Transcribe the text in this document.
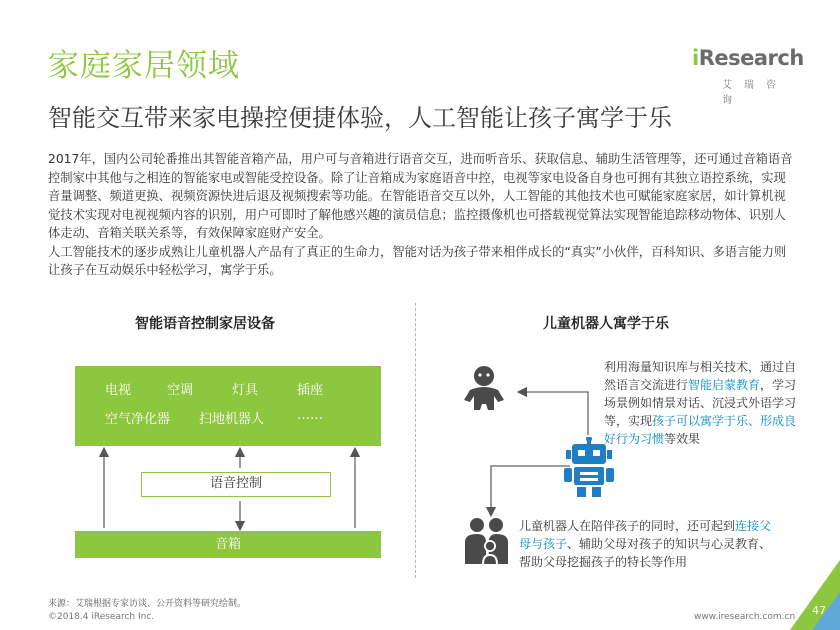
家庭家居领域	iResearch
艾瑞咨询
智能交互带来家电操控便捷体验，人工智能让孩子寓学于乐

2017年，国内公司轮番推出其智能音箱产品，用户可与音箱进行语音交互，进而听音乐、获取信息、辅助生活管理等，还可通过音箱语音控制家中其他与之相连的智能家电或智能受控设备。除了让音箱成为家庭语音中控，电视等家电设备自身也可拥有其独立语控系统，实现音量调整、频道更换、视频资源快进后退及视频搜索等功能。在智能语音交互以外，人工智能的其他技术也可赋能家庭家居，如计算机视觉技术实现对电视视频内容的识别，用户可即时了解他感兴趣的演员信息；监控摄像机也可搭载视觉算法实现智能追踪移动物体、识别人体走动、音箱关联关系等，有效保障家庭财产安全。

人工智能技术的逐步成熟让儿童机器人产品有了真正的生命力，智能对话为孩子带来相伴成长的“真实”小伙伴，百科知识、多语言能力则让孩子在互动娱乐中轻松学习，寓学于乐。

智能语音控制家居设备
电视	空调	灯具	插座
空气净化器 扫地机器人	……
语音控制
音箱
儿童机器人寓学于乐
利用海量知识库与相关技术，通过自然语言交流进行智能启蒙教育，学习场景例如情景对话、沉浸式外语学习等，实现孩子可以寓学于乐、形成良好行为习惯等效果
儿童机器人在陪伴孩子的同时，还可起到连接父母与孩子、辅助父母对孩子的知识与心灵教育、帮助父母挖掘孩子的特长等作用
来源：艾瑞根据专家访谈、公开资料等研究绘制。
©2018.4 iResearch Inc.	www.iresearch.com.cn 47
